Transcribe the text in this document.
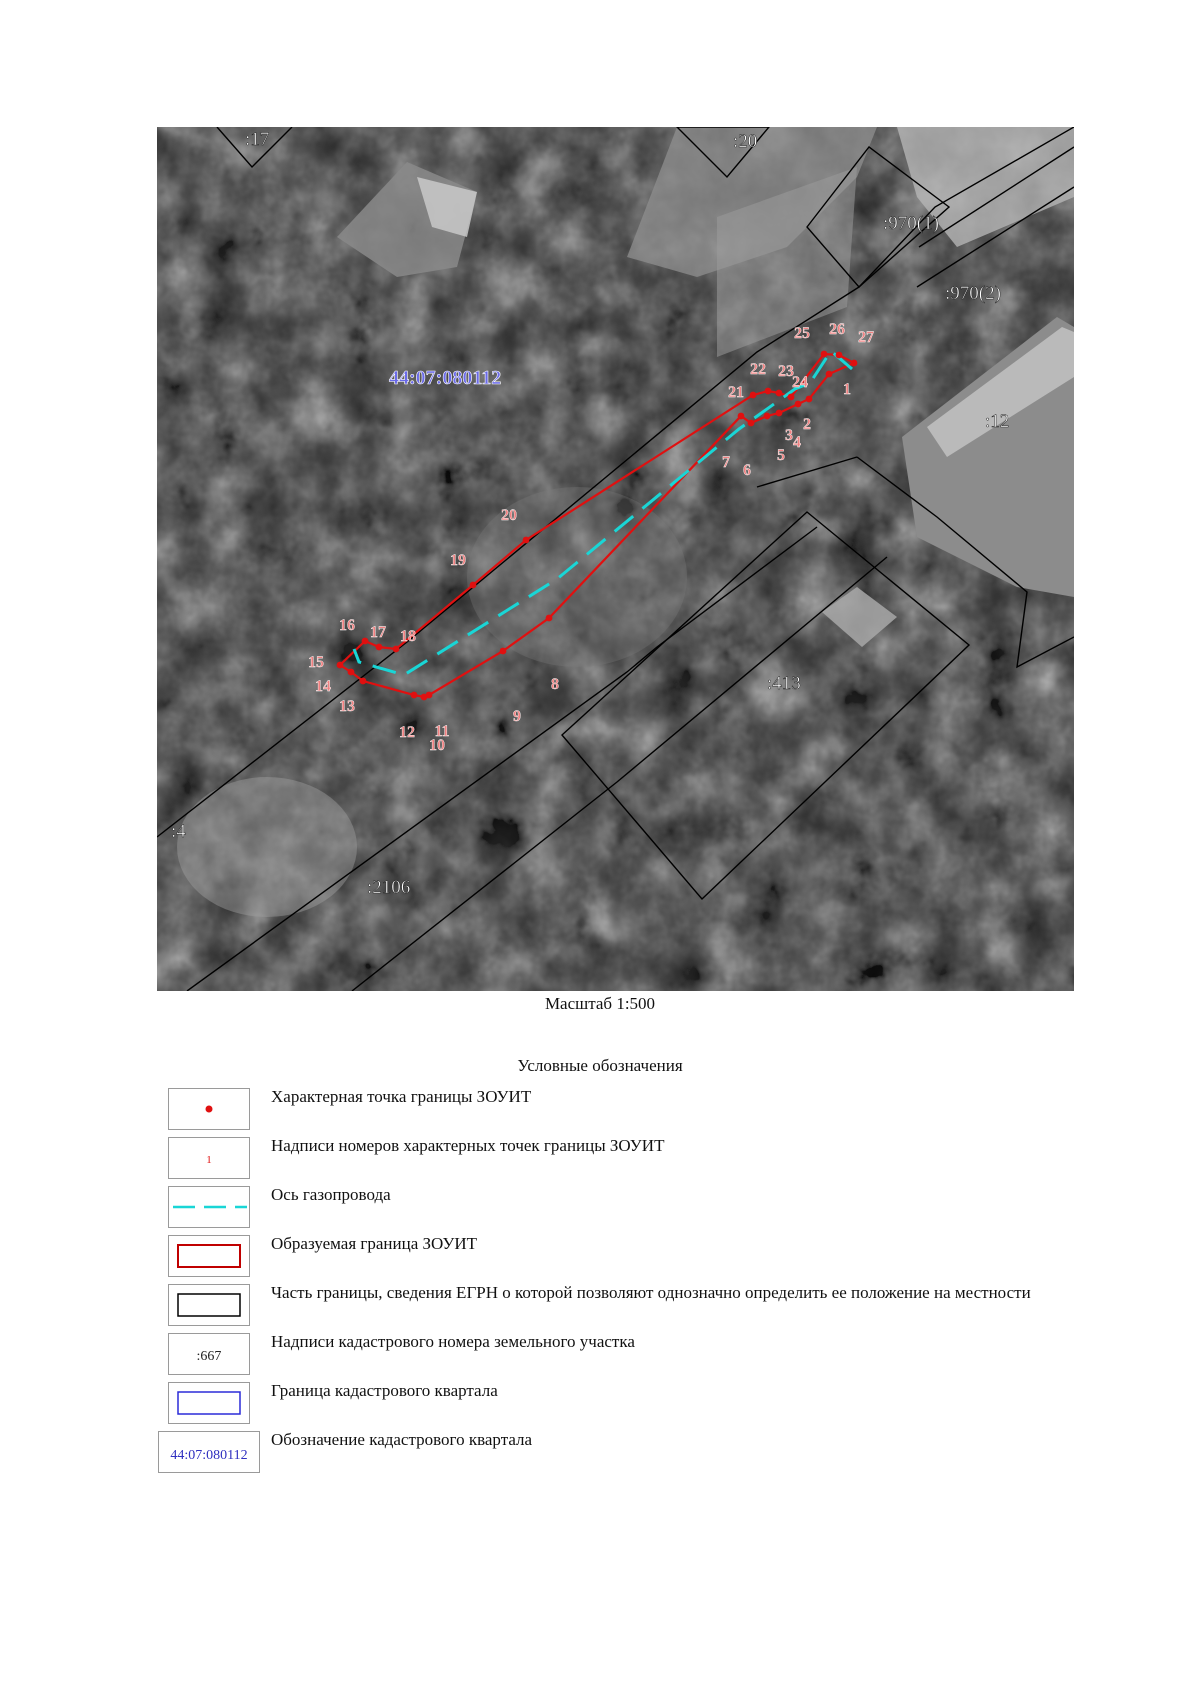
1
2
3 4
5
6
7
8
9
10
11
12
13
14
15
16 17 18
19
20
21
22 23
24
25 26 27
:17	:20
:970(1)
:970(2)
:12
:413
:4
:2106
44:07:080112
Масштаб 1:500
Условные обозначения
Характерная точка границы ЗОУИТ
1
Надписи номеров характерных точек границы ЗОУИТ
Ось газопровода
Образуемая граница ЗОУИТ
Часть границы, сведения ЕГРН о которой позволяют однозначно определить ее положение на местности
:667
Надписи кадастрового номера земельного участка
Граница кадастрового квартала
44:07:080112
Обозначение кадастрового квартала
